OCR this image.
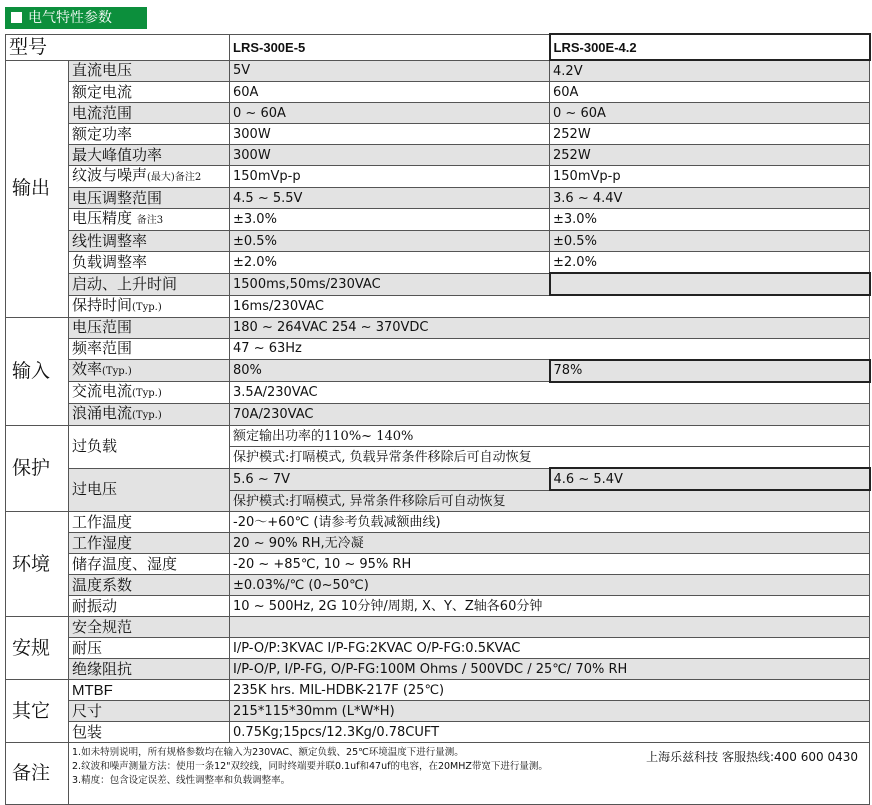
电气特性参数
型号		LRS-300E-5	LRS-300E-4.2
输出	直流电压	5V	4.2V
	额定电流	60A	60A
	电流范围	0 ~ 60A	0 ~ 60A
	额定功率	300W	252W
	最大峰值功率	300W	252W
	纹波与噪声(最大)备注2	150mVp-p	150mVp-p
	电压调整范围	4.5 ~ 5.5V	3.6 ~ 4.4V
	电压精度 备注3	±3.0%	±3.0%
	线性调整率	±0.5%	±0.5%
	负载调整率	±2.0%	±2.0%
	启动、上升时间	1500ms,50ms/230VAC	
	保持时间(Typ.)	16ms/230VAC	
输入	电压范围	180 ~ 264VAC 254 ~ 370VDC	
	频率范围	47 ~ 63Hz	
	效率(Typ.)	80%	78%
	交流电流(Typ.)	3.5A/230VAC	
	浪涌电流(Typ.)	70A/230VAC	
保护	过负载	额定输出功率的110%~ 140%	
		保护模式:打嗝模式, 负载异常条件移除后可自动恢复	
	过电压	5.6 ~ 7V	4.6 ~ 5.4V
		保护模式:打嗝模式, 异常条件移除后可自动恢复	
环境	工作温度	-20～+60℃ (请参考负载减额曲线)	
	工作湿度	20 ~ 90% RH,无冷凝	
	储存温度、湿度	-20 ~ +85℃, 10 ~ 95% RH	
	温度系数	±0.03%/℃ (0~50℃)	
	耐振动	10 ~ 500Hz, 2G 10分钟/周期, X、Y、Z轴各60分钟	
安规	安全规范		
	耐压	I/P-O/P:3KVAC I/P-FG:2KVAC O/P-FG:0.5KVAC	
	绝缘阻抗	I/P-O/P, I/P-FG, O/P-FG:100M Ohms / 500VDC / 25℃/ 70% RH	
其它	MTBF	235K hrs. MIL-HDBK-217F (25℃)	
	尺寸	215*115*30mm (L*W*H)	
	包装	0.75Kg;15pcs/12.3Kg/0.78CUFT	
备注	1.如未特别说明，所有规格参数均在输入为230VAC、额定负载、25℃环境温度下进行量测。
2.纹波和噪声测量方法：使用一条12"双绞线，同时终端要并联0.1uf和47uf的电容，在20MHZ带宽下进行量测。
3.精度：包含设定误差、线性调整率和负载调整率。
上海乐兹科技 客服热线:400 600 0430		
